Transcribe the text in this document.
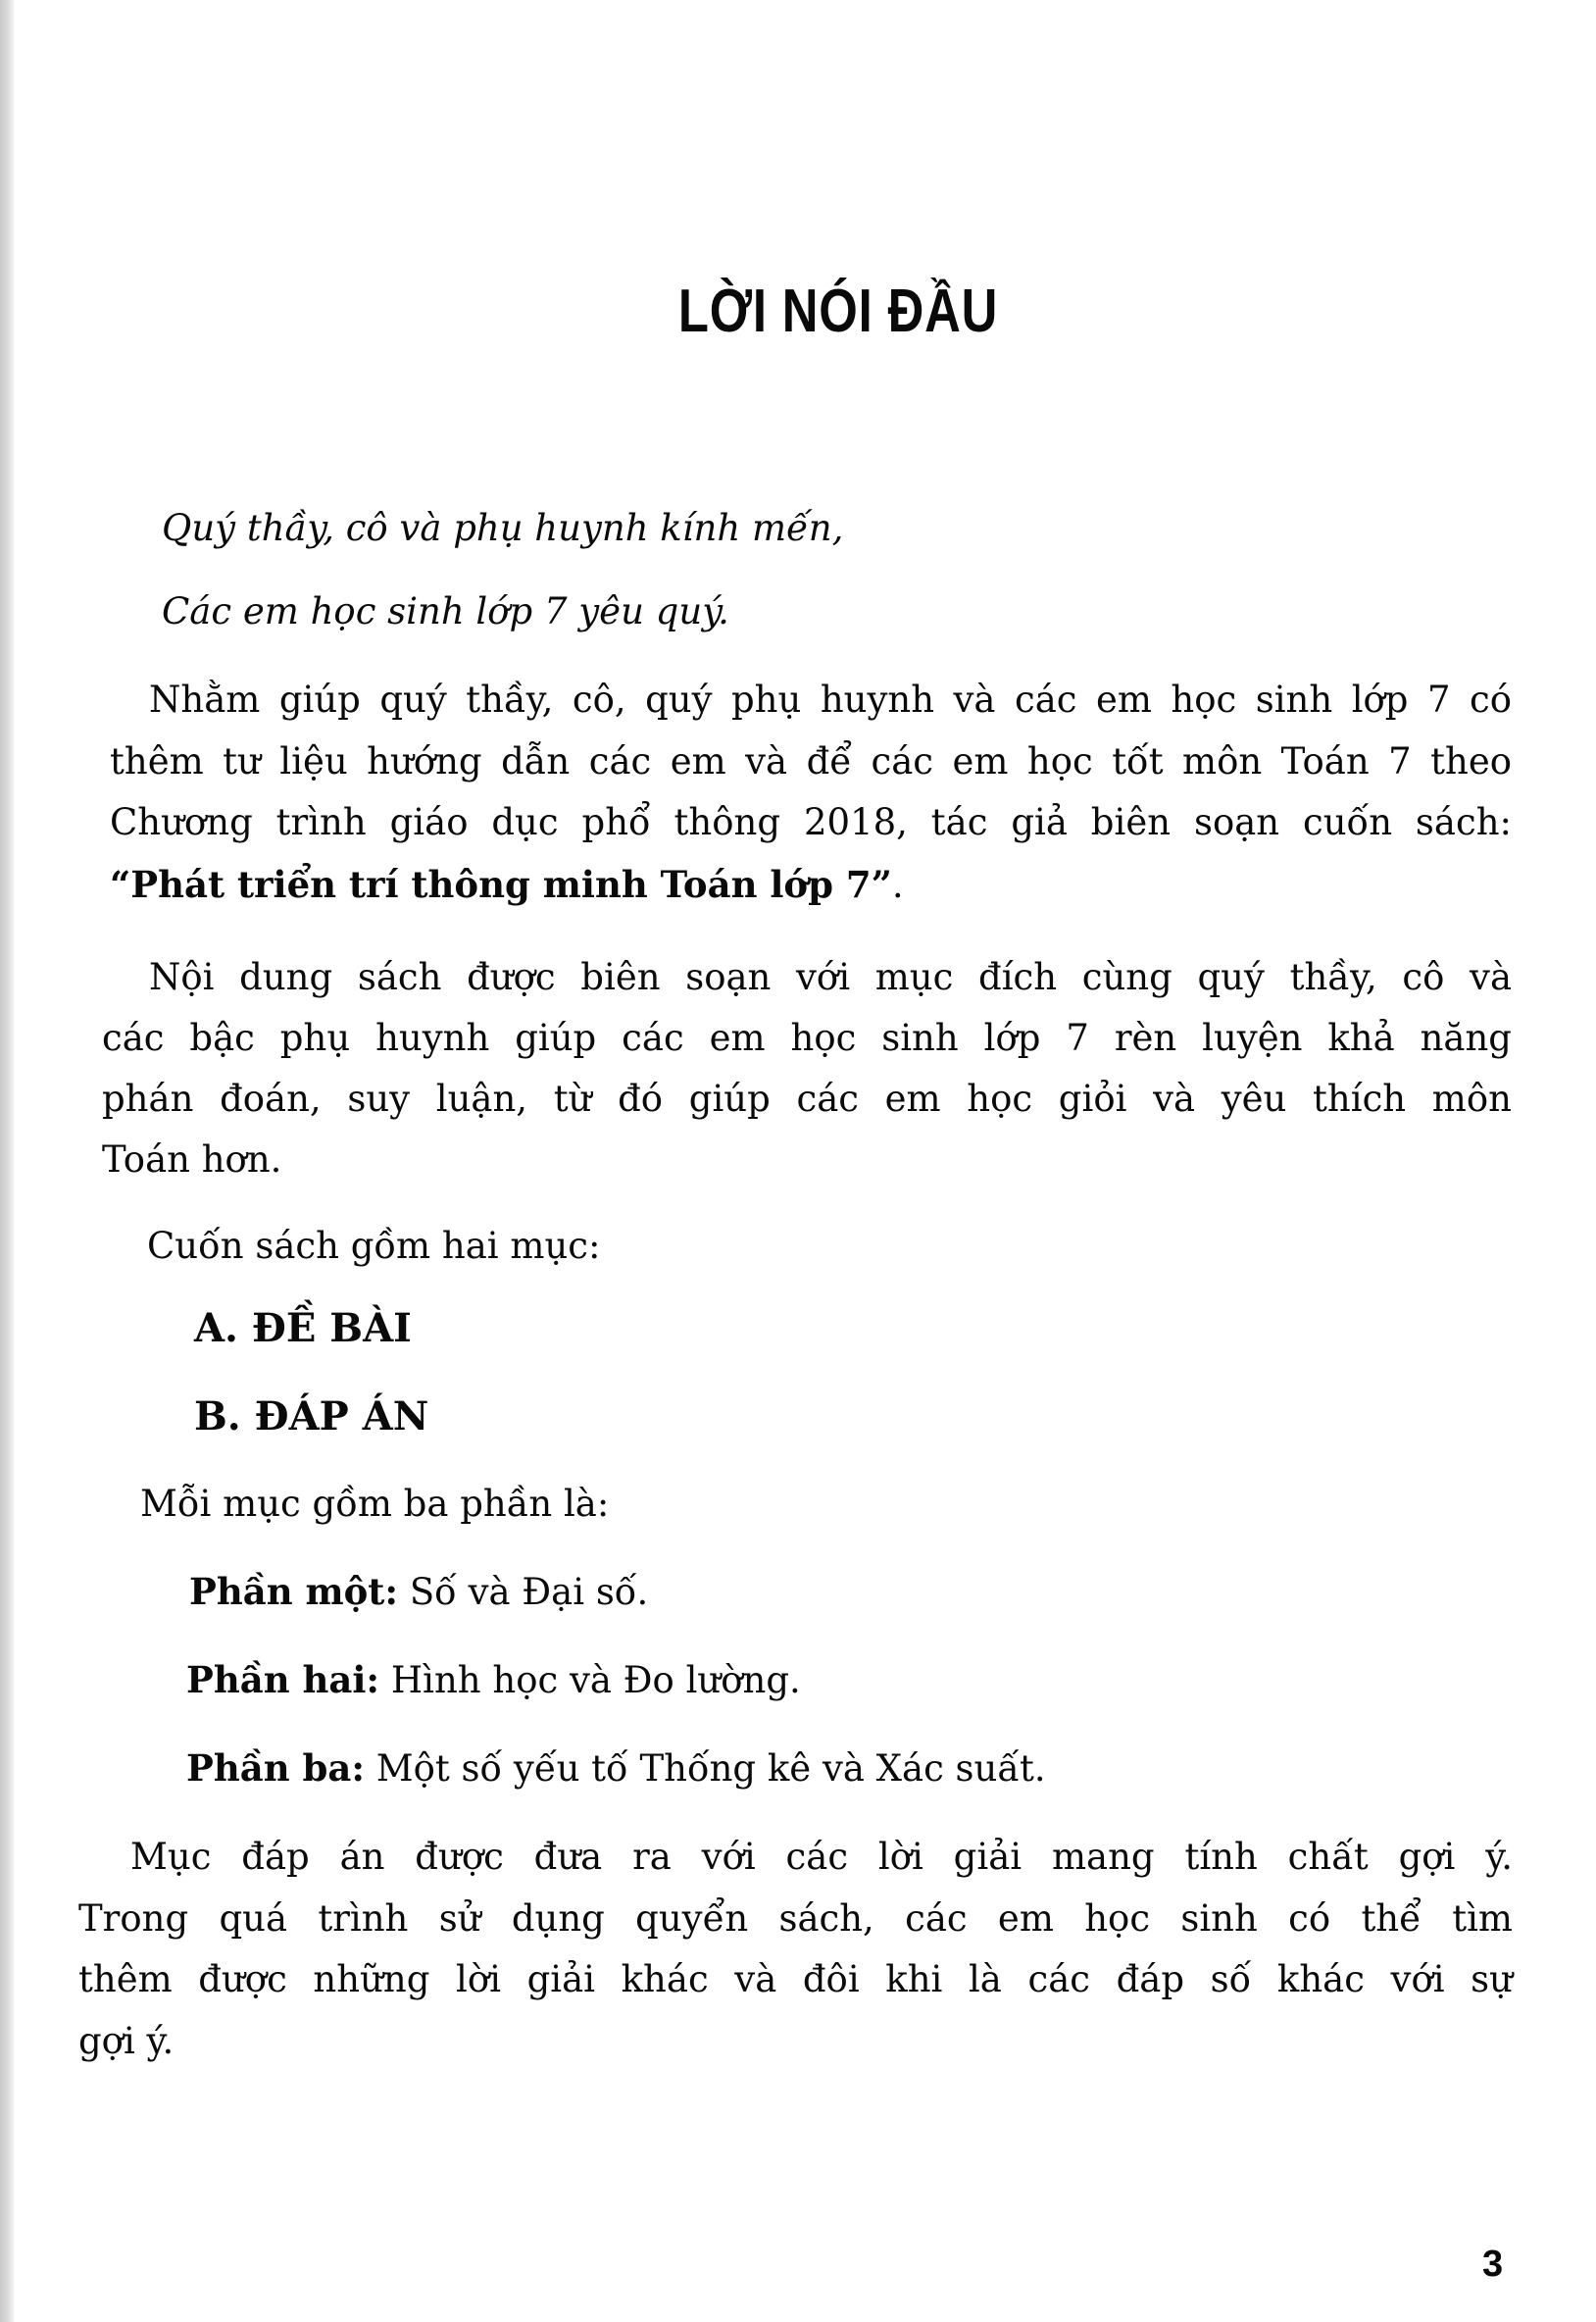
LỜI NÓI ĐẦU
Quý thầy, cô và phụ huynh kính mến,
Các em học sinh lớp 7 yêu quý.
Nhằm giúp quý thầy, cô, quý phụ huynh và các em học sinh lớp 7 có
thêm tư liệu hướng dẫn các em và để các em học tốt môn Toán 7 theo
Chương trình giáo dục phổ thông 2018, tác giả biên soạn cuốn sách:
“Phát triển trí thông minh Toán lớp 7”.
Nội dung sách được biên soạn với mục đích cùng quý thầy, cô và
các bậc phụ huynh giúp các em học sinh lớp 7 rèn luyện khả năng
phán đoán, suy luận, từ đó giúp các em học giỏi và yêu thích môn
Toán hơn.
Cuốn sách gồm hai mục:
A. ĐỀ BÀI
B. ĐÁP ÁN
Mỗi mục gồm ba phần là:
Phần một: Số và Đại số.
Phần hai: Hình học và Đo lường.
Phần ba: Một số yếu tố Thống kê và Xác suất.
Mục đáp án được đưa ra với các lời giải mang tính chất gợi ý.
Trong quá trình sử dụng quyển sách, các em học sinh có thể tìm
thêm được những lời giải khác và đôi khi là các đáp số khác với sự
gợi ý.
3
